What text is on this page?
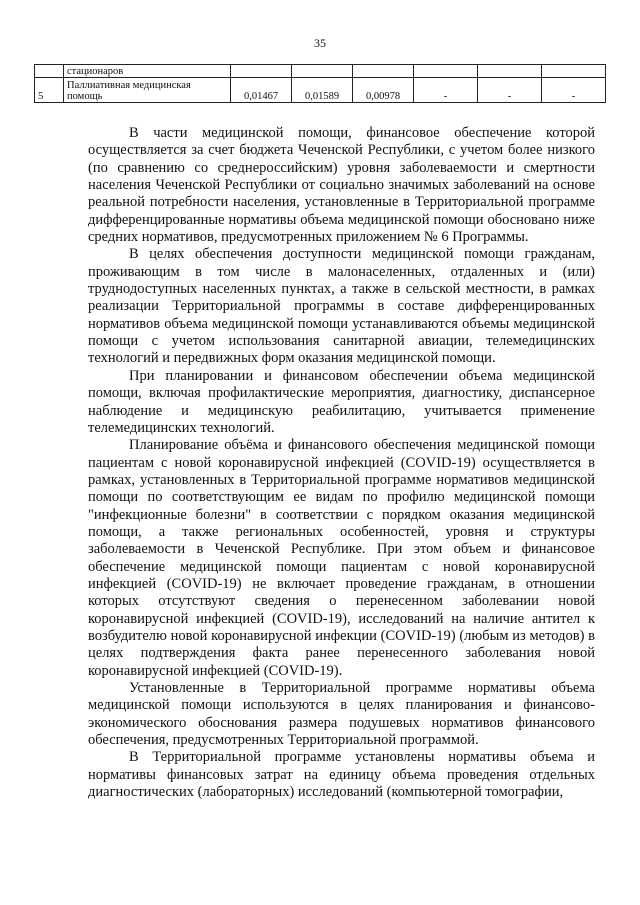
35
	стационаров						
5	Паллиативная медицинская помощь	0,01467	0,01589	0,00978	-	-	-

В части медицинской помощи, финансовое обеспечение которой осуществляется за счет бюджета Чеченской Республики, с учетом более низкого (по сравнению со среднероссийским) уровня заболеваемости и смертности населения Чеченской Республики от социально значимых заболеваний на основе реальной потребности населения, установленные в Территориальной программе дифференцированные нормативы объема медицинской помощи обосновано ниже средних нормативов, предусмотренных приложением № 6 Программы.

В целях обеспечения доступности медицинской помощи гражданам, проживающим в том числе в малонаселенных, отдаленных и (или) труднодоступных населенных пунктах, а также в сельской местности, в рамках реализации Территориальной программы в составе дифференцированных нормативов объема медицинской помощи устанавливаются объемы медицинской помощи с учетом использования санитарной авиации, телемедицинских технологий и передвижных форм оказания медицинской помощи.

При планировании и финансовом обеспечении объема медицинской помощи, включая профилактические мероприятия, диагностику, диспансерное наблюдение и медицинскую реабилитацию, учитывается применение телемедицинских технологий.

Планирование объёма и финансового обеспечения медицинской помощи пациентам с новой коронавирусной инфекцией (COVID-19) осуществляется в рамках, установленных в Территориальной программе нормативов медицинской помощи по соответствующим ее видам по профилю медицинской помощи "инфекционные болезни" в соответствии с порядком оказания медицинской помощи, а также региональных особенностей, уровня и структуры заболеваемости в Чеченской Республике. При этом объем и финансовое обеспечение медицинской помощи пациентам с новой коронавирусной инфекцией (COVID-19) не включает проведение гражданам, в отношении которых отсутствуют сведения о перенесенном заболевании новой коронавирусной инфекцией (COVID-19), исследований на наличие антител к возбудителю новой коронавирусной инфекции (COVID-19) (любым из методов) в целях подтверждения факта ранее перенесенного заболевания новой коронавирусной инфекцией (COVID-19).

Установленные в Территориальной программе нормативы объема медицинской помощи используются в целях планирования и финансово-экономического обоснования размера подушевых нормативов финансового обеспечения, предусмотренных Территориальной программой.

В Территориальной программе установлены нормативы объема и нормативы финансовых затрат на единицу объема проведения отдельных диагностических (лабораторных) исследований (компьютерной томографии,
